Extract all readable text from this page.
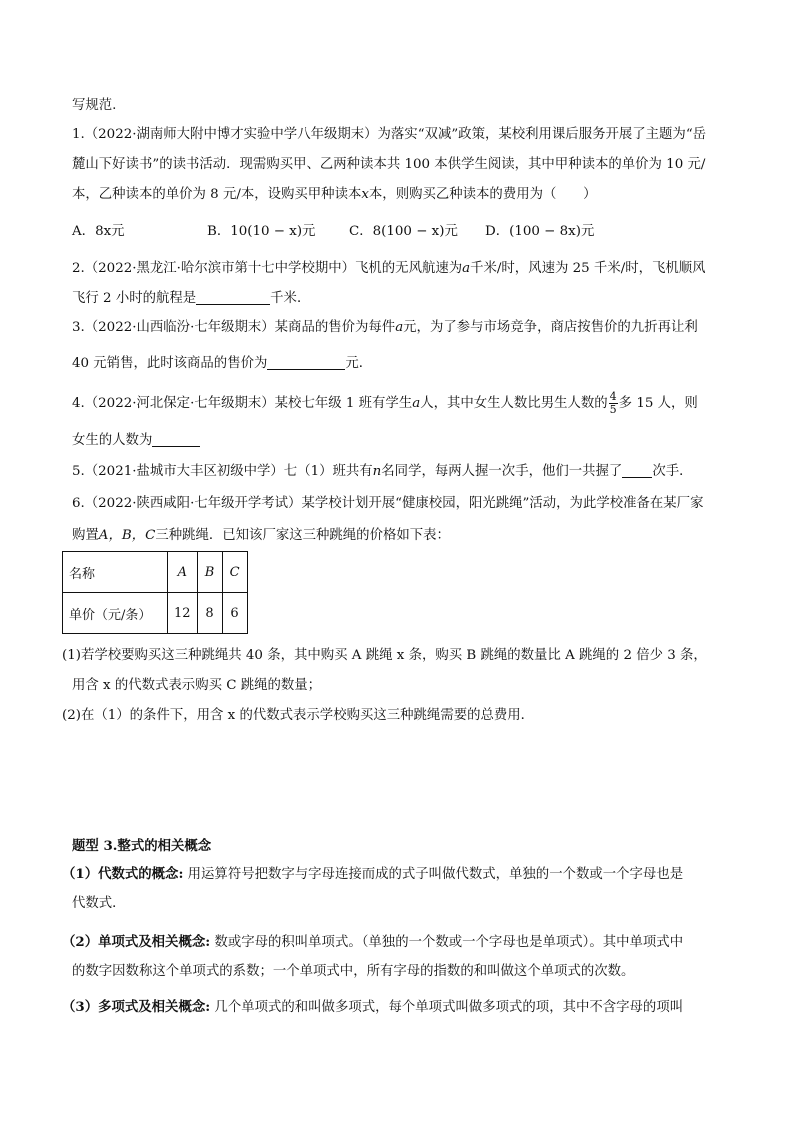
写规范.
1.（2022·湖南师大附中博才实验中学八年级期末）为落实“双减”政策，某校利用课后服务开展了主题为“岳
麓山下好读书”的读书活动．现需购买甲、乙两种读本共 100 本供学生阅读，其中甲种读本的单价为 10 元/
本，乙种读本的单价为 8 元/本，设购买甲种读本x本，则购买乙种读本的费用为（　　）
A．8x元	B．10(10 − x)元	C．8(100 − x)元 D．(100 − 8x)元
2.（2022·黑龙江·哈尔滨市第十七中学校期中）飞机的无风航速为a千米/时，风速为 25 千米/时，飞机顺风
飞行 2 小时的航程是	千米．
3.（2022·山西临汾·七年级期末）某商品的售价为每件a元，为了参与市场竞争，商店按售价的九折再让利
40 元销售，此时该商品的售价为	元．
4.（2022·河北保定·七年级期末）某校七年级 1 班有学生a人，其中女生人数比男生人数的 $\frac{4}{5}$ 多 15 人，则
女生的人数为
5.（2021·盐城市大丰区初级中学）七（1）班共有n名同学，每两人握一次手，他们一共握了 次手．
6.（2022·陕西咸阳·七年级开学考试）某学校计划开展“健康校园，阳光跳绳”活动，为此学校准备在某厂家
购置A，B，C三种跳绳．已知该厂家这三种跳绳的价格如下表：
名称	A	B	C
单价（元/条）	12	8	6
(1)若学校要购买这三种跳绳共 40 条，其中购买 A 跳绳 x 条，购买 B 跳绳的数量比 A 跳绳的 2 倍少 3 条，
用含 x 的代数式表示购买 C 跳绳的数量；
(2)在（1）的条件下，用含 x 的代数式表示学校购买这三种跳绳需要的总费用．
题型 3.整式的相关概念
（1）代数式的概念: 用运算符号把数字与字母连接而成的式子叫做代数式，单独的一个数或一个字母也是
代数式．
（2）单项式及相关概念: 数或字母的积叫单项式。（单独的一个数或一个字母也是单项式）。其中单项式中
的数字因数称这个单项式的系数；一个单项式中，所有字母的指数的和叫做这个单项式的次数。
（3）多项式及相关概念: 几个单项式的和叫做多项式，每个单项式叫做多项式的项，其中不含字母的项叫
